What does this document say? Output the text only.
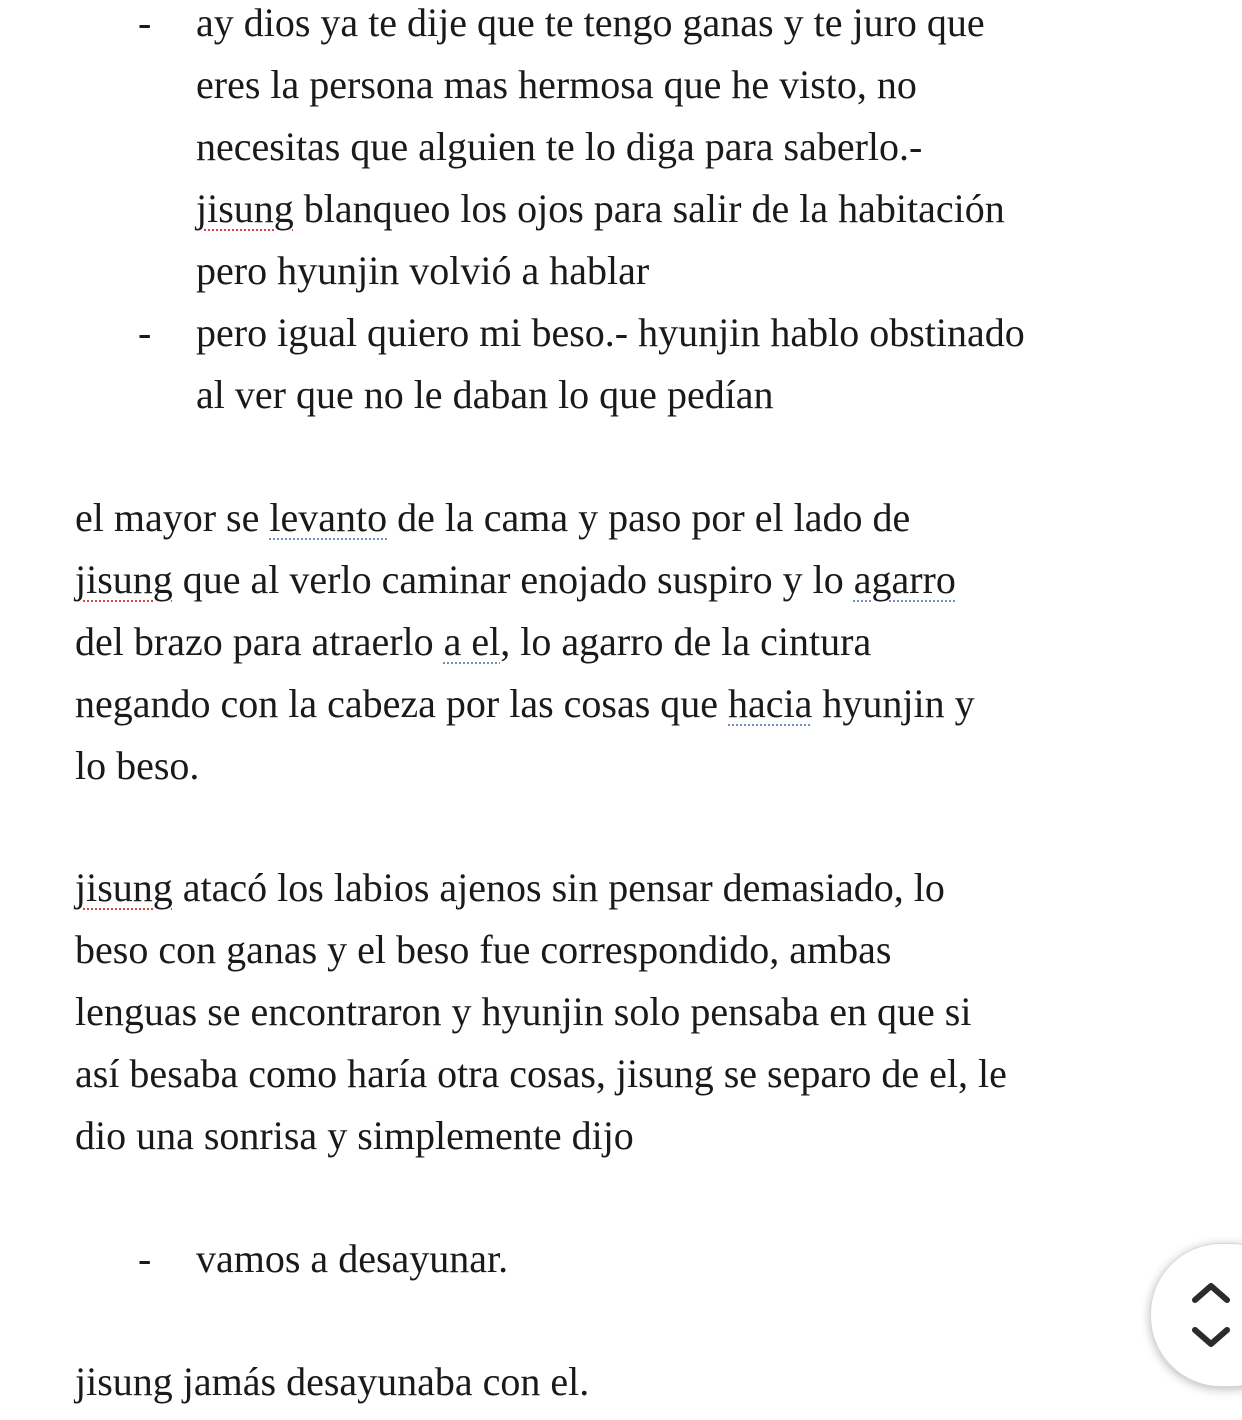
- ay dios ya te dije que te tengo ganas y te juro que
eres la persona mas hermosa que he visto, no
necesitas que alguien te lo diga para saberlo.-
jisung blanqueo los ojos para salir de la habitación
pero hyunjin volvió a hablar
- pero igual quiero mi beso.- hyunjin hablo obstinado
al ver que no le daban lo que pedían
el mayor se levanto de la cama y paso por el lado de
jisung que al verlo caminar enojado suspiro y lo agarro
del brazo para atraerlo a el, lo agarro de la cintura
negando con la cabeza por las cosas que hacia hyunjin y
lo beso.
jisung atacó los labios ajenos sin pensar demasiado, lo
beso con ganas y el beso fue correspondido, ambas
lenguas se encontraron y hyunjin solo pensaba en que si
así besaba como haría otra cosas, jisung se separo de el, le
dio una sonrisa y simplemente dijo
- vamos a desayunar.
jisung jamás desayunaba con el.
